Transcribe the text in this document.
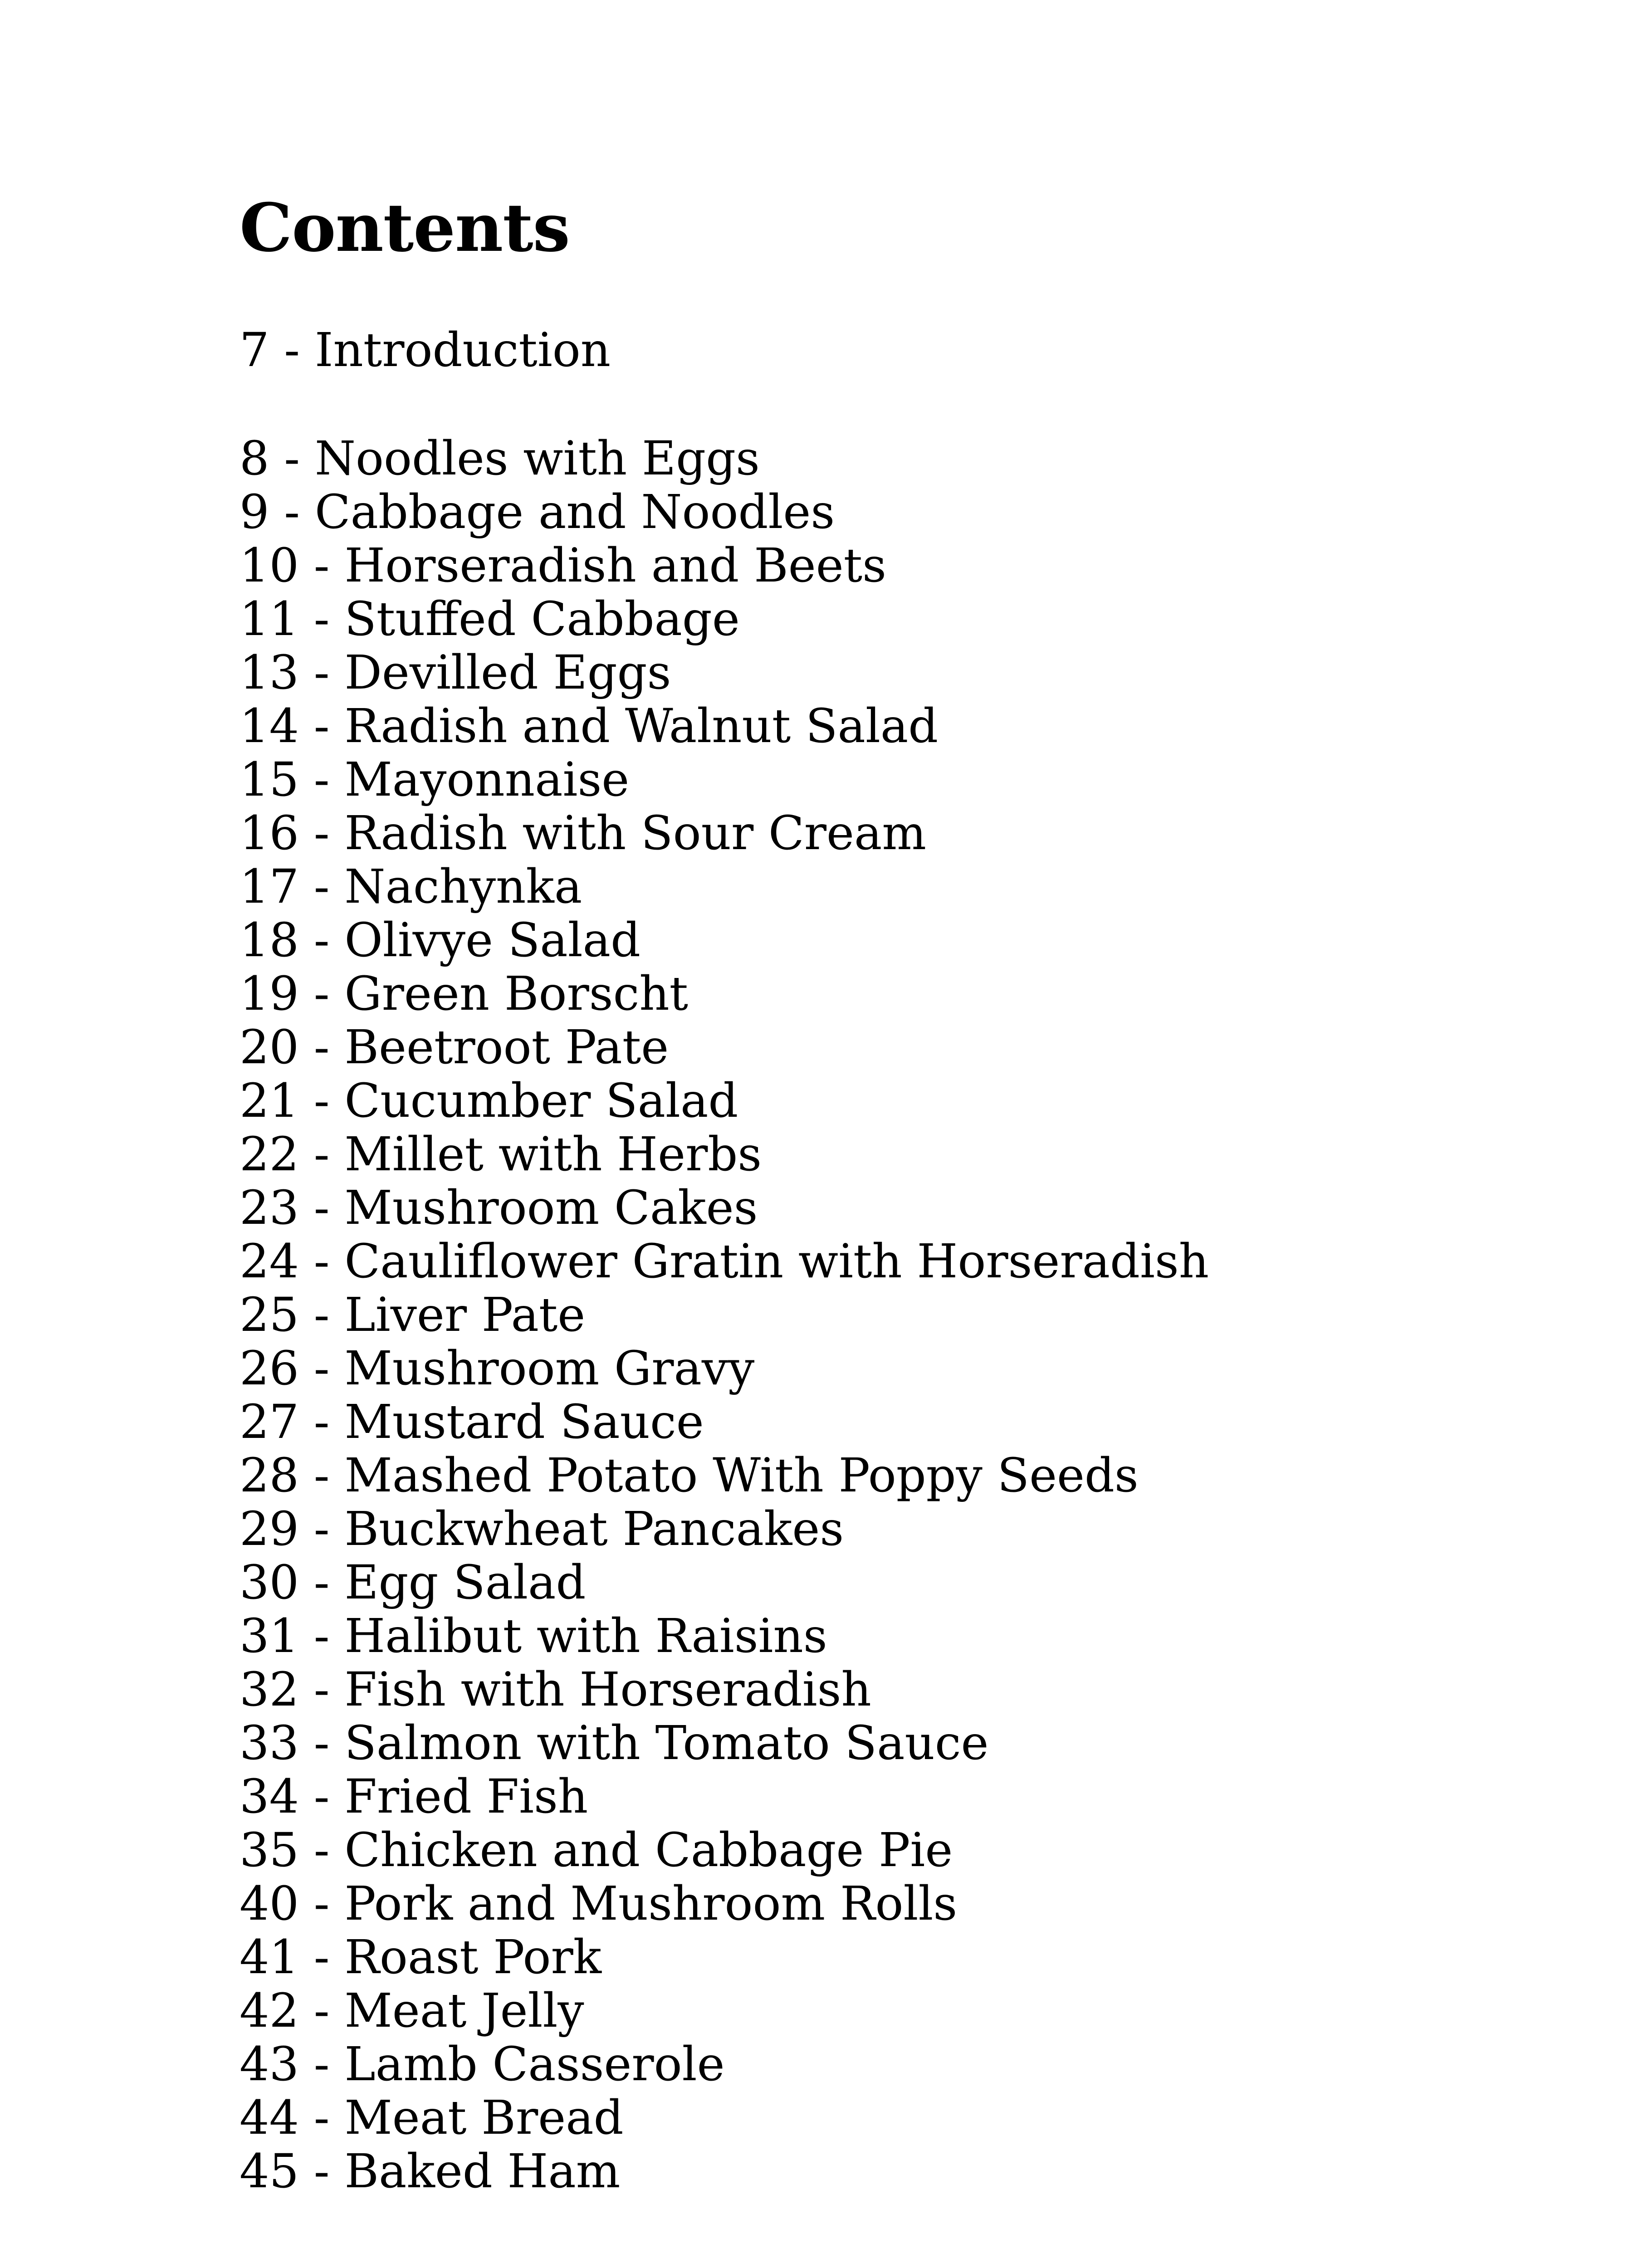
Contents
7 - Introduction
8 - Noodles with Eggs
9 - Cabbage and Noodles
10 - Horseradish and Beets
11 - Stuffed Cabbage
13 - Devilled Eggs
14 - Radish and Walnut Salad
15 - Mayonnaise
16 - Radish with Sour Cream
17 - Nachynka
18 - Olivye Salad
19 - Green Borscht
20 - Beetroot Pate
21 - Cucumber Salad
22 - Millet with Herbs
23 - Mushroom Cakes
24 - Cauliflower Gratin with Horseradish
25 - Liver Pate
26 - Mushroom Gravy
27 - Mustard Sauce
28 - Mashed Potato With Poppy Seeds
29 - Buckwheat Pancakes
30 - Egg Salad
31 - Halibut with Raisins
32 - Fish with Horseradish
33 - Salmon with Tomato Sauce
34 - Fried Fish
35 - Chicken and Cabbage Pie
40 - Pork and Mushroom Rolls
41 - Roast Pork
42 - Meat Jelly
43 - Lamb Casserole
44 - Meat Bread
45 - Baked Ham
